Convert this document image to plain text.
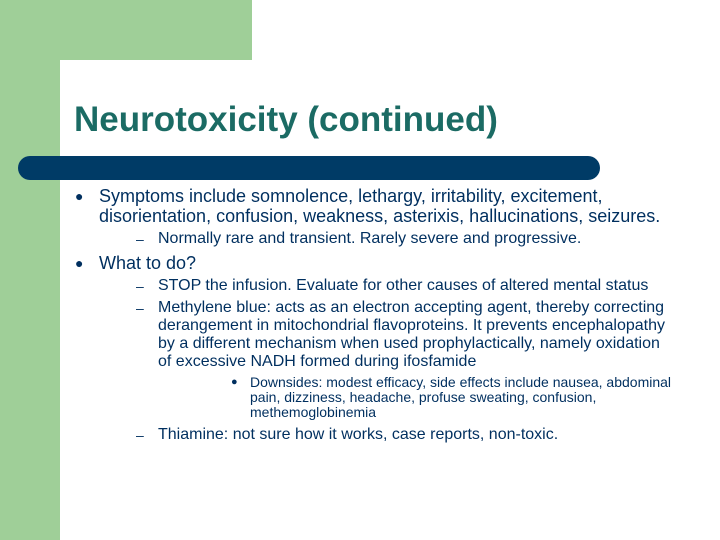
Neurotoxicity (continued)
● Symptoms include somnolence, lethargy, irritability, excitement, disorientation, confusion, weakness, asterixis, hallucinations, seizures.
– Normally rare and transient. Rarely severe and progressive.
● What to do?
– STOP the infusion. Evaluate for other causes of altered mental status
– Methylene blue: acts as an electron accepting agent, thereby correcting derangement in mitochondrial flavoproteins. It prevents encephalopathy by a different mechanism when used prophylactically, namely oxidation of excessive NADH formed during ifosfamide
● Downsides: modest efficacy, side effects include nausea, abdominal pain, dizziness, headache, profuse sweating, confusion, methemoglobinemia
– Thiamine: not sure how it works, case reports, non-toxic.
